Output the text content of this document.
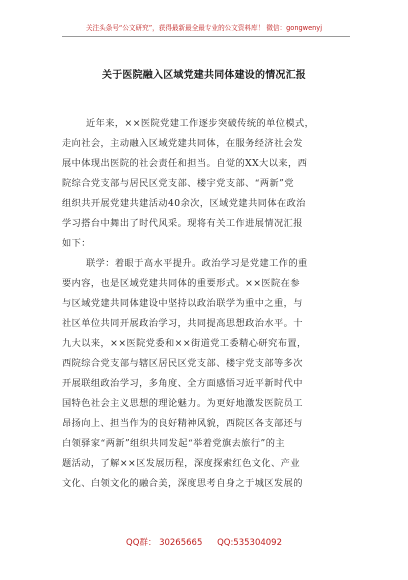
关注头条号“公文研究”，获得最新最全最专业的公文资料库！ 微信：gongwenyj
关于医院融入区域党建共同体建设的情况汇报
近年来，××医院党建工作逐步突破传统的单位模式，
走向社会，主动融入区域党建共同体，在服务经济社会发
展中体现出医院的社会责任和担当。自觉的XX大以来，西
院综合党支部与居民区党支部、楼宇党支部、“两新”党
组织共开展党建共建活动40余次，区域党建共同体在政治
学习搭台中舞出了时代风采。现将有关工作进展情况汇报
如下：
联学：着眼于高水平提升。政治学习是党建工作的重
要内容，也是区域党建共同体的重要形式。××医院在参
与区域党建共同体建设中坚持以政治联学为重中之重，与
社区单位共同开展政治学习，共同提高思想政治水平。十
九大以来，××医院党委和××街道党工委精心研究布置，
西院综合党支部与辖区居民区党支部、楼宇党支部等多次
开展联组政治学习，多角度、全方面感悟习近平新时代中
国特色社会主义思想的理论魅力。为更好地激发医院员工
昂扬向上、担当作为的良好精神风貌，西院区各支部还与
白领驿家“两新”组织共同发起“举着党旗去旅行”的主
题活动，了解××区发展历程，深度探索红色文化、产业
文化、白领文化的融合美，深度思考自身之于城区发展的
QQ群： 30265665 QQ:535304092
